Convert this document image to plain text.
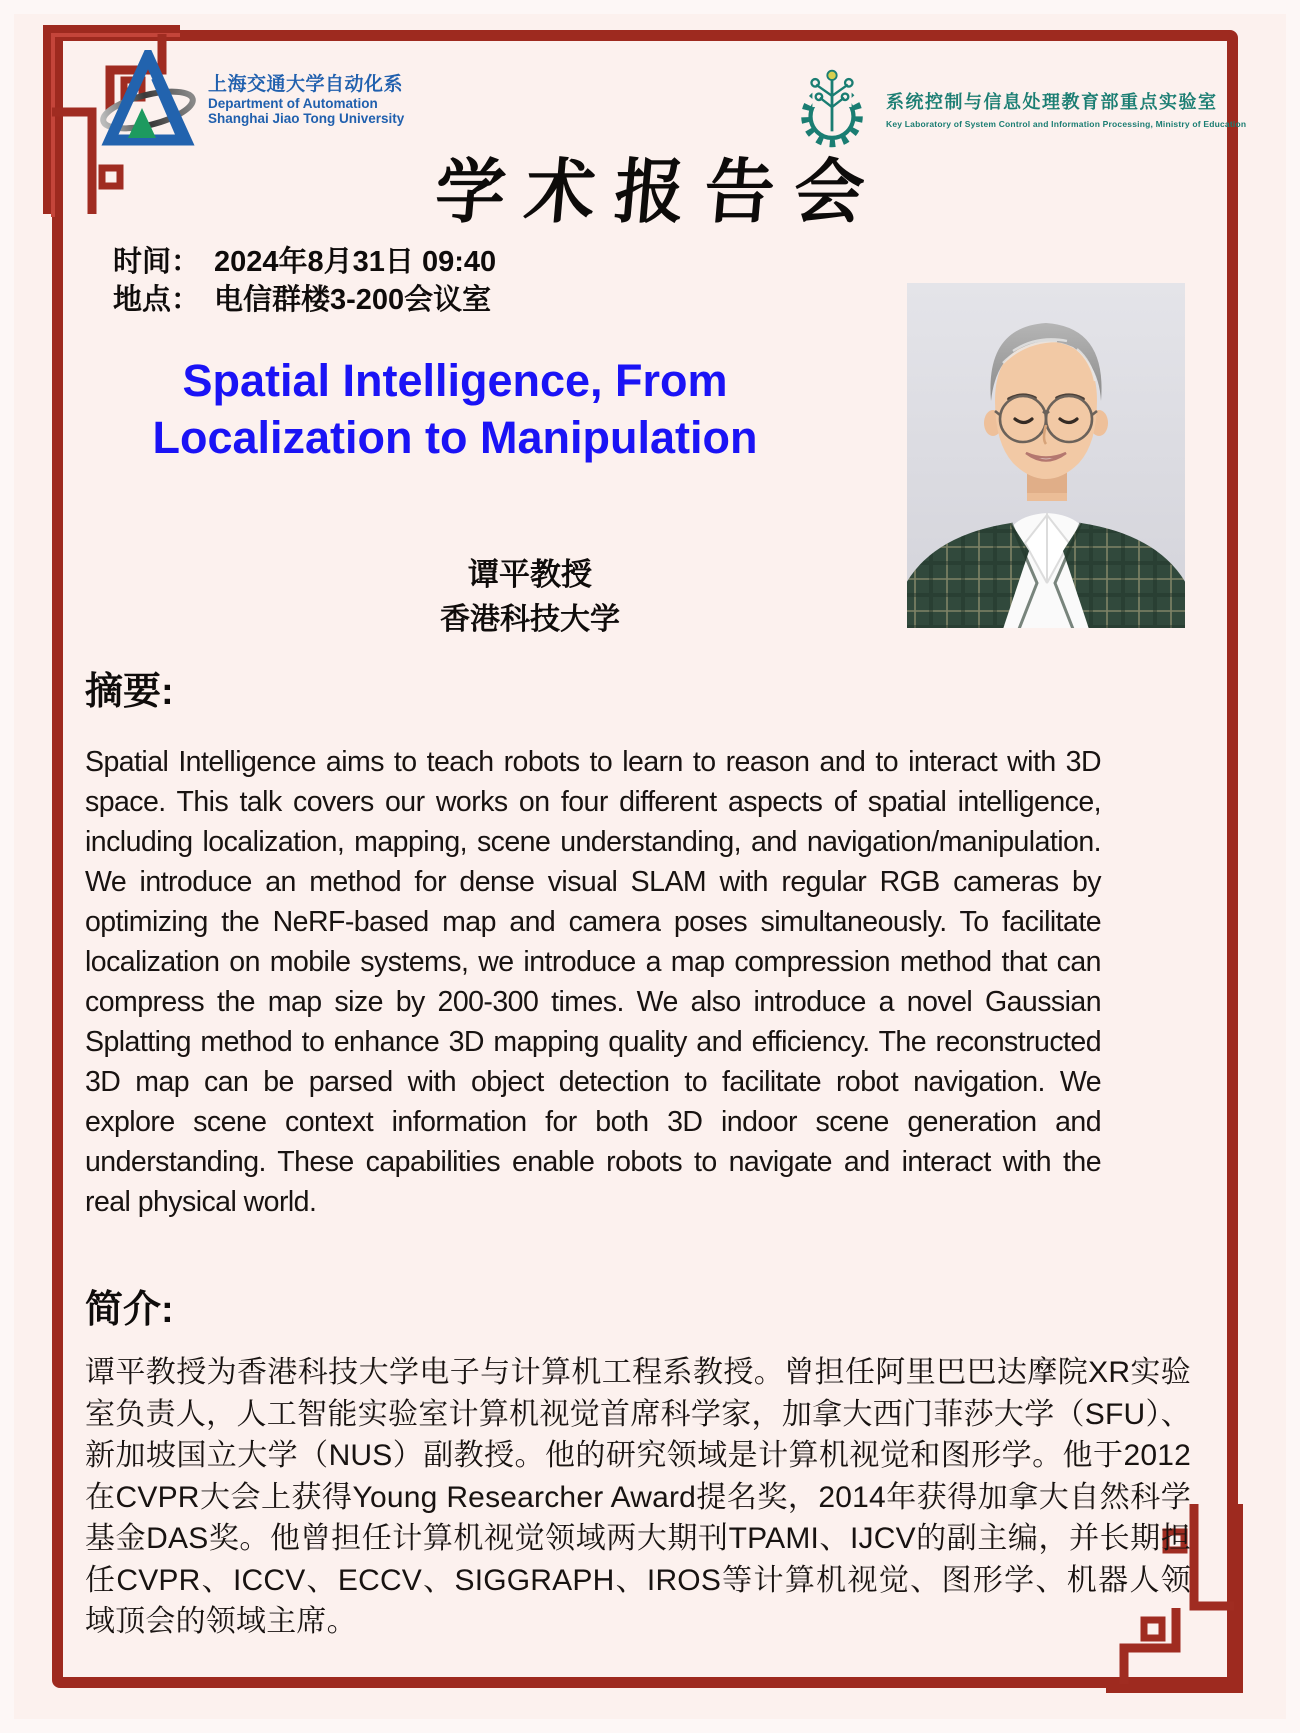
上海交通大学自动化系
Department of Automation
Shanghai Jiao Tong University
系统控制与信息处理教育部重点实验室
Key Laboratory of System Control and Information Processing, Ministry of Education
学术报告会
时间： 2024年8月31日 09:40
地点： 电信群楼3-200会议室
Spatial Intelligence, From
Localization to Manipulation
谭平教授
香港科技大学
摘要:

Spatial Intelligence aims to teach robots to learn to reason and to interact with 3D space. This talk covers our works on four different aspects of spatial intelligence, including localization, mapping, scene understanding, and navigation/manipulation. We introduce an method for dense visual SLAM with regular RGB cameras by optimizing the NeRF-based map and camera poses simultaneously. To facilitate localization on mobile systems, we introduce a map compression method that can compress the map size by 200-300 times. We also introduce a novel Gaussian Splatting method to enhance 3D mapping quality and efficiency. The reconstructed 3D map can be parsed with object detection to facilitate robot navigation. We explore scene context information for both 3D indoor scene generation and understanding. These capabilities enable robots to navigate and interact with the real physical world.

简介:

谭平教授为香港科技大学电子与计算机工程系教授。曾担任阿里巴巴达摩院XR实验室负责人，人工智能实验室计算机视觉首席科学家，加拿大西门菲莎大学（SFU）、新加坡国立大学（NUS）副教授。他的研究领域是计算机视觉和图形学。他于2012在CVPR大会上获得Young Researcher Award提名奖，2014年获得加拿大自然科学基金DAS奖。他曾担任计算机视觉领域两大期刊TPAMI、IJCV的副主编，并长期担任CVPR、ICCV、ECCV、SIGGRAPH、IROS等计算机视觉、图形学、机器人领域顶会的领域主席。
